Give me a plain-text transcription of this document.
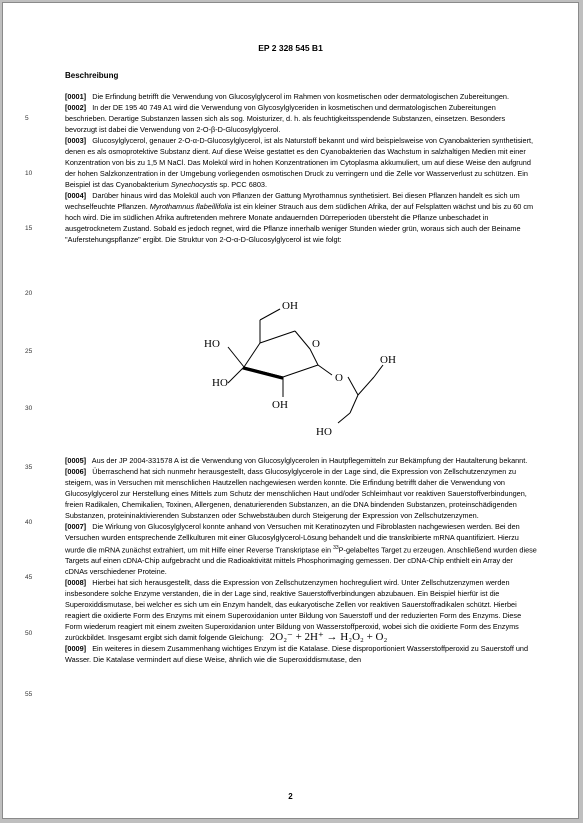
EP 2 328 545 B1
Beschreibung
5
10
15
20
25
30
35
40
45
50
55

[0001] Die Erfindung betrifft die Verwendung von Glucosylglycerol im Rahmen von kosmetischen oder dermatologischen Zubereitungen.

[0002] In der DE 195 40 749 A1 wird die Verwendung von Glycosylglyceriden in kosmetischen und dermatologischen Zubereitungen beschrieben. Derartige Substanzen lassen sich als sog. Moisturizer, d. h. als feuchtigkeitsspendende Substanzen, einsetzen. Besonders bevorzugt ist dabei die Verwendung von 2-O-β-D-Glucosylglycerol.

[0003] Glucosylglycerol, genauer 2-O-α-D-Glucosylglycerol, ist als Naturstoff bekannt und wird beispielsweise von Cyanobakterien synthetisiert, denen es als osmoprotektive Substanz dient. Auf diese Weise gestattet es den Cyanobakterien das Wachstum in salzhaltigen Medien mit einer Konzentration von bis zu 1,5 M NaCl. Das Molekül wird in hohen Konzentrationen im Cytoplasma akkumuliert, um auf diese Weise den aufgrund der hohen Salzkonzentration in der Umgebung vorliegenden osmotischen Druck zu verringern und die Zelle vor Wasserverlust zu schützen. Ein Beispiel ist das Cyanobakterium Synechocystis sp. PCC 6803.

[0004] Darüber hinaus wird das Molekül auch von Pflanzen der Gattung Myrothamnus synthetisiert. Bei diesen Pflanzen handelt es sich um wechselfeuchte Pflanzen. Myrothamnus flabeillifolia ist ein kleiner Strauch aus dem südlichen Afrika, der auf Felsplatten wächst und bis zu 60 cm hoch wird. Die im südlichen Afrika auftretenden mehrere Monate andauernden Dürreperioden übersteht die Pflanze unbeschadet in ausgetrocknetem Zustand. Sobald es jedoch regnet, wird die Pflanze innerhalb weniger Stunden wieder grün, woraus sich auch der Beiname "Auferstehungspflanze" ergibt. Die Struktur von 2-O-α-D-Glucosylglycerol ist wie folgt:

OH
HO
HO
OH
O
O
OH
HO

[0005] Aus der JP 2004-331578 A ist die Verwendung von Glucosylglycerolen in Hautpflegemitteln zur Bekämpfung der Hautalterung bekannt.

[0006] Überraschend hat sich nunmehr herausgestellt, dass Glucosylglycerole in der Lage sind, die Expression von Zellschutzenzymen zu steigern, was in Versuchen mit menschlichen Hautzellen nachgewiesen werden konnte. Die Erfindung betrifft daher die Verwendung von Glucosylglycerol zur Herstellung eines Mittels zum Schutz der menschlichen Haut und/oder Schleimhaut vor reaktiven Sauerstoffverbindungen, freien Radikalen, Chemikalien, Toxinen, Allergenen, denaturierenden Substanzen, an die DNA bindenden Substanzen, proteinschädigenden Substanzen, proteininaktivierenden Substanzen oder Schwebstäuben durch Steigerung der Expression von Zellschutzenzymen.

[0007] Die Wirkung von Glucosylglycerol konnte anhand von Versuchen mit Keratinozyten und Fibroblasten nachgewiesen werden. Bei den Versuchen wurden entsprechende Zellkulturen mit einer Glucosylglycerol-Lösung behandelt und die transkribierte mRNA quantifiziert. Hierzu wurde die mRNA zunächst extrahiert, um mit Hilfe einer Reverse Transkriptase ein $^{33}$P-gelabeltes Target zu erzeugen. Anschließend wurden diese Targets auf einen cDNA-Chip aufgebracht und die Radioaktivität mittels Phosphorimaging gemessen. Der cDNA-Chip enthielt ein Array der cDNAs verschiedener Proteine.

[0008] Hierbei hat sich herausgestellt, dass die Expression von Zellschutzenzymen hochreguliert wird. Unter Zellschutzenzymen werden insbesondere solche Enzyme verstanden, die in der Lage sind, reaktive Sauerstoffverbindungen abzubauen. Ein Beispiel hierfür ist die Superoxiddismutase, bei welcher es sich um ein Enzym handelt, das eukaryotische Zellen vor reaktiven Sauerstoffradikalen schützt. Hierbei reagiert die oxidierte Form des Enzyms mit einem Superoxidanion unter Bildung von Sauerstoff und der reduzierten Form des Enzyms. Diese Form wiederum reagiert mit einem zweiten Superoxidanion unter Bildung von Wasserstoffperoxid, wobei sich die oxidierte Form des Enzyms zurückbildet. Insgesamt ergibt sich damit folgende Gleichung: 2O₂⁻ + 2H⁺ → H₂O₂ + O₂

[0009] Ein weiteres in diesem Zusammenhang wichtiges Enzym ist die Katalase. Diese disproportioniert Wasserstoffperoxid zu Sauerstoff und Wasser. Die Katalase vermindert auf diese Weise, ähnlich wie die Superoxiddismutase, den

2
